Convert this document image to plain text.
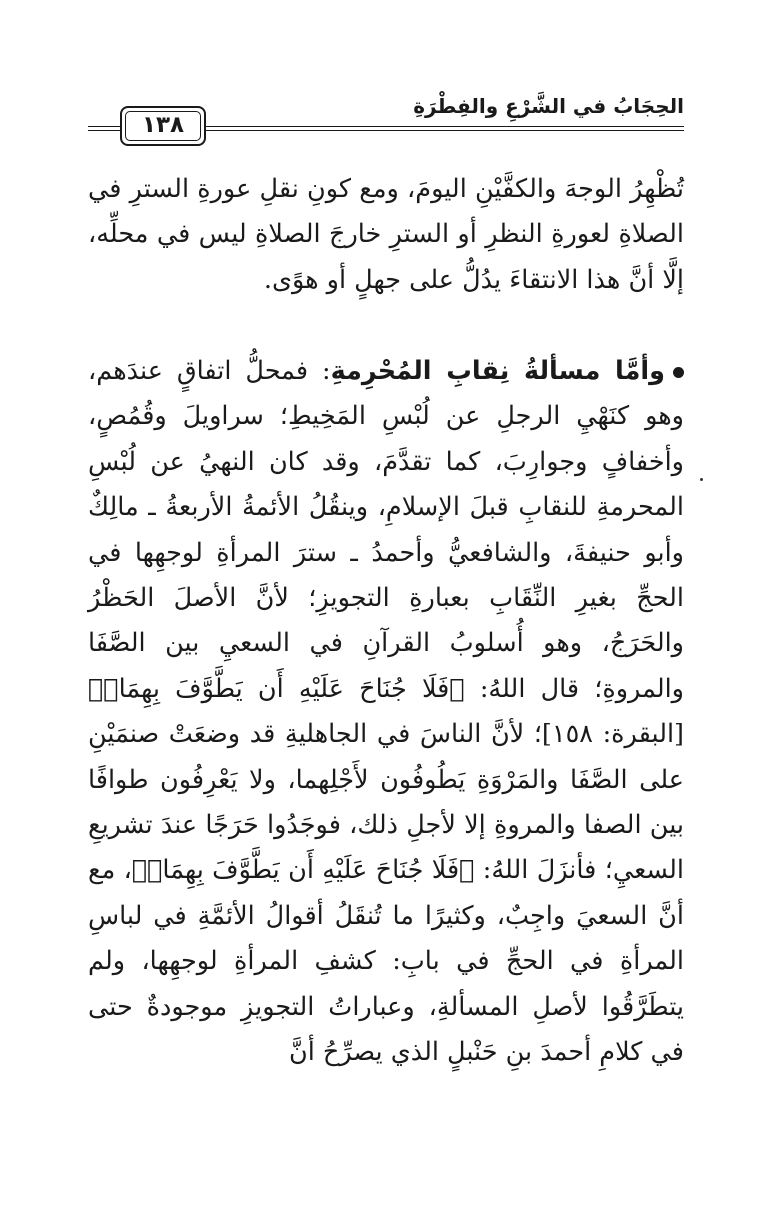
الحِجَابُ في الشَّرْعِ والفِطْرَةِ
١٣٨

تُظْهِرُ الوجهَ والكفَّيْنِ اليومَ، ومع كونِ نقلِ عورةِ السترِ في الصلاةِ لعورةِ النظرِ أو السترِ خارجَ الصلاةِ ليس في محلِّه، إلَّا أنَّ هذا الانتقاءَ يدُلُّ على جهلٍ أو هوًى.

وأمَّا مسألةُ نِقابِ المُحْرِمةِ: فمحلُّ اتفاقٍ عندَهم، وهو كنَهْيِ الرجلِ عن لُبْسِ المَخِيطِ؛ سراويلَ وقُمُصٍ، وأخفافٍ وجوارِبَ، كما تقدَّمَ، وقد كان النهيُ عن لُبْسِ المحرمةِ للنقابِ قبلَ الإسلامِ، وينقُلُ الأئمةُ الأربعةُ ـ مالِكٌ وأبو حنيفةَ، والشافعيُّ وأحمدُ ـ سترَ المرأةِ لوجهِها في الحجِّ بغيرِ النِّقَابِ بعبارةِ التجويزِ؛ لأنَّ الأصلَ الحَظْرُ والحَرَجُ، وهو أُسلوبُ القرآنِ في السعيِ بين الصَّفَا والمروةِ؛ قال اللهُ: ﴿فَلَا جُنَاحَ عَلَيْهِ أَن يَطَّوَّفَ بِهِمَاۚ﴾ [البقرة: ١٥٨]؛ لأنَّ الناسَ في الجاهليةِ قد وضعَتْ صنمَيْنِ على الصَّفَا والمَرْوَةِ يَطُوفُون لأَجْلِهما، ولا يَعْرِفُون طوافًا بين الصفا والمروةِ إلا لأجلِ ذلك، فوجَدُوا حَرَجًا عندَ تشريعِ السعيِ؛ فأنزَلَ اللهُ: ﴿فَلَا جُنَاحَ عَلَيْهِ أَن يَطَّوَّفَ بِهِمَاۚ﴾، مع أنَّ السعيَ واجِبٌ، وكثيرًا ما تُنقَلُ أقوالُ الأئمَّةِ في لباسِ المرأةِ في الحجِّ في بابِ: كشفِ المرأةِ لوجهِها، ولم يتطَرَّقُوا لأصلِ المسألةِ، وعباراتُ التجويزِ موجودةٌ حتى في كلامِ أحمدَ بنِ حَنْبلٍ الذي يصرِّحُ أنَّ
